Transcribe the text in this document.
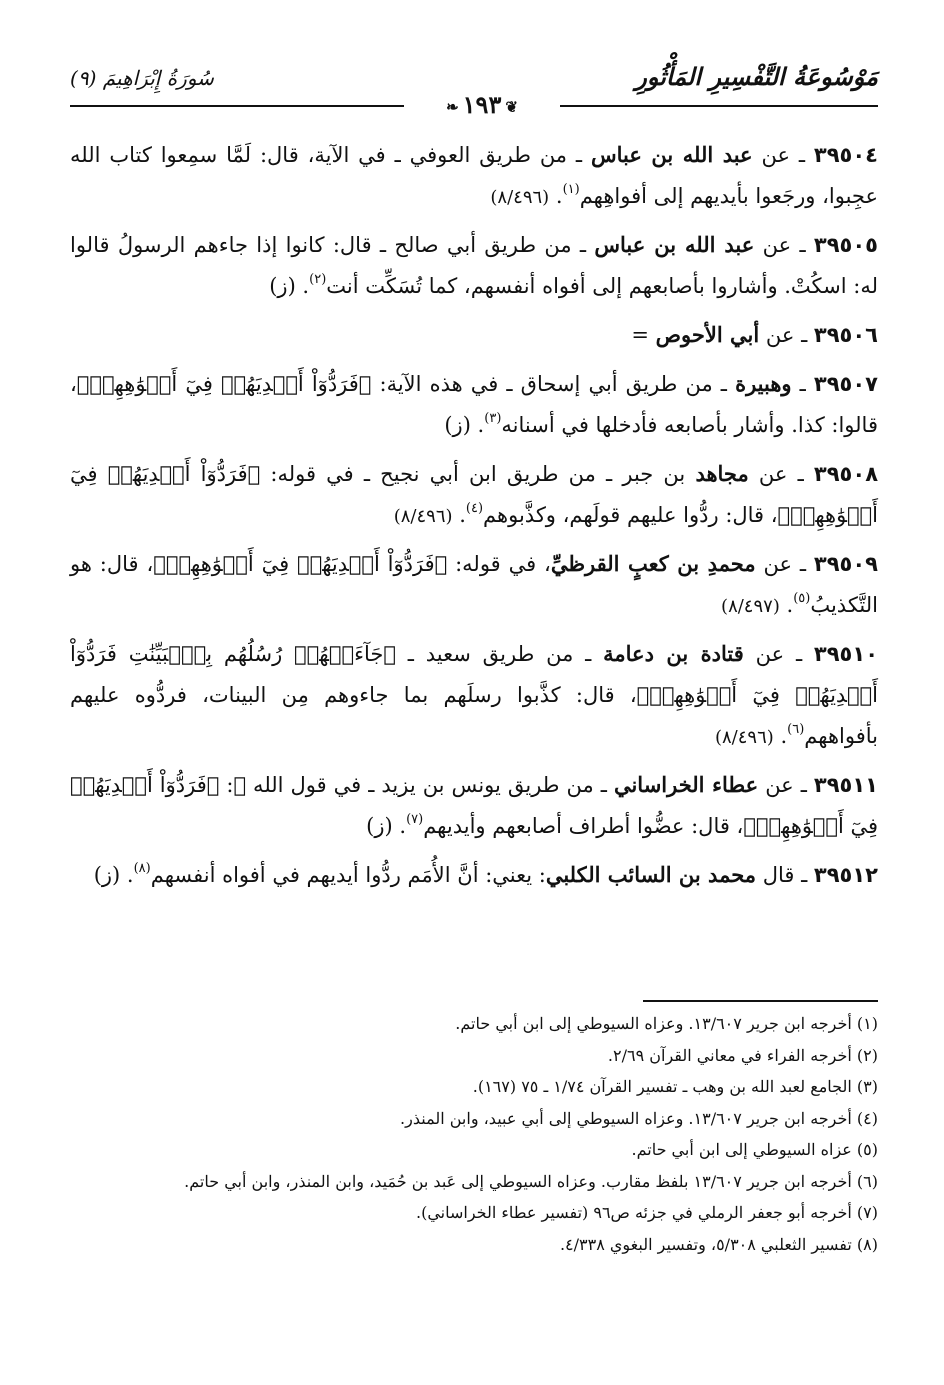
مَوْسُوعَةُ التَّفْسِيرِ المَأْثُورِ
سُورَةُ إِبْرَاهِيمَ (٩)
❦١٩٣❧

٣٩٥٠٤ ـ عن عبد الله بن عباس ـ من طريق العوفي ـ في الآية، قال: لَمَّا سمِعوا كتاب الله عجِبوا، ورجَعوا بأيديهم إلى أفواهِهم$^{(١)}$. (٨/٤٩٦)

٣٩٥٠٥ ـ عن عبد الله بن عباس ـ من طريق أبي صالح ـ قال: كانوا إذا جاءهم الرسولُ قالوا له: اسكُتْ. وأشاروا بأصابعهم إلى أفواه أنفسهم، كما تُسَكِّت أنت$^{(٢)}$. (ز)

٣٩٥٠٦ ـ عن أبي الأحوص =

٣٩٥٠٧ ـ وهبيرة ـ من طريق أبي إسحاق ـ في هذه الآية: ﴿فَرَدُّوٓاْ أَيۡدِيَهُمۡ فِيٓ أَفۡوَٰهِهِمۡ﴾، قالوا: كذا. وأشار بأصابعه فأدخلها في أسنانه$^{(٣)}$. (ز)

٣٩٥٠٨ ـ عن مجاهد بن جبر ـ من طريق ابن أبي نجيح ـ في قوله: ﴿فَرَدُّوٓاْ أَيۡدِيَهُمۡ فِيٓ أَفۡوَٰهِهِمۡ﴾، قال: ردُّوا عليهم قولَهم، وكذَّبوهم$^{(٤)}$. (٨/٤٩٦)

٣٩٥٠٩ ـ عن محمدِ بن كعبٍ القرظيِّ، في قوله: ﴿فَرَدُّوٓاْ أَيۡدِيَهُمۡ فِيٓ أَفۡوَٰهِهِمۡ﴾، قال: هو التَّكذيبُ$^{(٥)}$. (٨/٤٩٧)

٣٩٥١٠ ـ عن قتادة بن دعامة ـ من طريق سعيد ـ ﴿جَآءَتۡهُمۡ رُسُلُهُم بِٱلۡبَيِّنَٰتِ فَرَدُّوٓاْ أَيۡدِيَهُمۡ فِيٓ أَفۡوَٰهِهِمۡ﴾، قال: كذَّبوا رسلَهم بما جاءوهم مِن البينات، فردُّوه عليهم بأفواههم$^{(٦)}$. (٨/٤٩٦)

٣٩٥١١ ـ عن عطاء الخراساني ـ من طريق يونس بن يزيد ـ في قول الله ﷻ: ﴿فَرَدُّوٓاْ أَيۡدِيَهُمۡ فِيٓ أَفۡوَٰهِهِمۡ﴾، قال: عضُّوا أطراف أصابعهم وأيديهم$^{(٧)}$. (ز)

٣٩٥١٢ ـ قال محمد بن السائب الكلبي: يعني: أنَّ الأُمَم ردُّوا أيديهم في أفواه أنفسهم$^{(٨)}$. (ز)

(١) أخرجه ابن جرير ١٣/٦٠٧. وعزاه السيوطي إلى ابن أبي حاتم.

(٢) أخرجه الفراء في معاني القرآن ٢/٦٩.

(٣) الجامع لعبد الله بن وهب ـ تفسير القرآن ١/٧٤ ـ ٧٥ (١٦٧).

(٤) أخرجه ابن جرير ١٣/٦٠٧. وعزاه السيوطي إلى أبي عبيد، وابن المنذر.

(٥) عزاه السيوطي إلى ابن أبي حاتم.

(٦) أخرجه ابن جرير ١٣/٦٠٧ بلفظ مقارب. وعزاه السيوطي إلى عَبد بن حُمَيد، وابن المنذر، وابن أبي حاتم.

(٧) أخرجه أبو جعفر الرملي في جزئه ص٩٦ (تفسير عطاء الخراساني).

(٨) تفسير الثعلبي ٥/٣٠٨، وتفسير البغوي ٤/٣٣٨.
